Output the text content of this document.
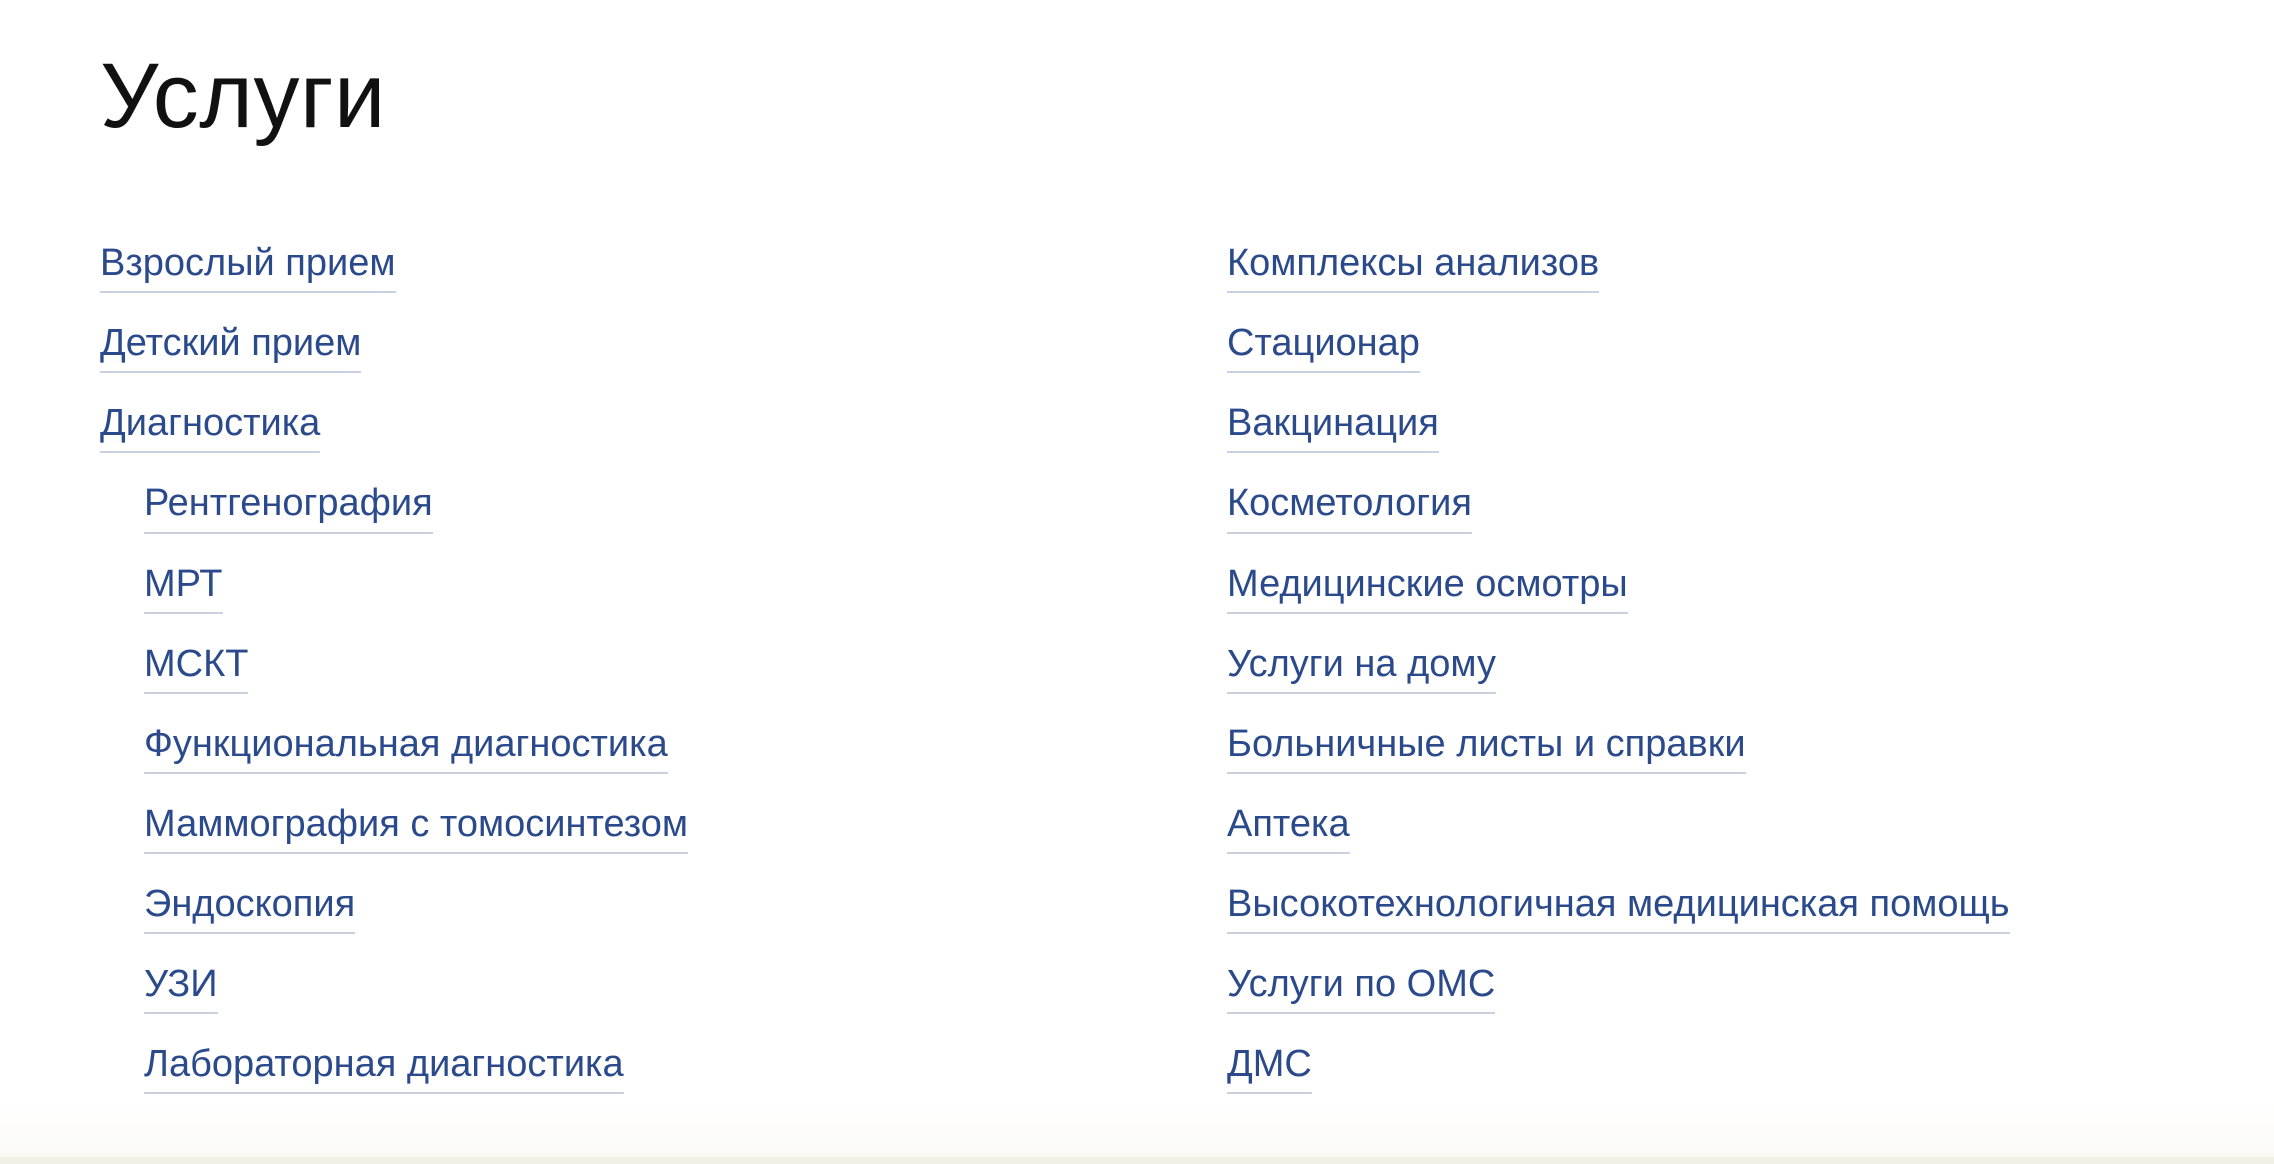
Услуги
Взрослый прием
Детский прием
Диагностика
Рентгенография
МРТ
МСКТ
Функциональная диагностика
Маммография с томосинтезом
Эндоскопия
УЗИ
Лабораторная диагностика
Комплексы анализов
Стационар
Вакцинация
Косметология
Медицинские осмотры
Услуги на дому
Больничные листы и справки
Аптека
Высокотехнологичная медицинская помощь
Услуги по ОМС
ДМС
